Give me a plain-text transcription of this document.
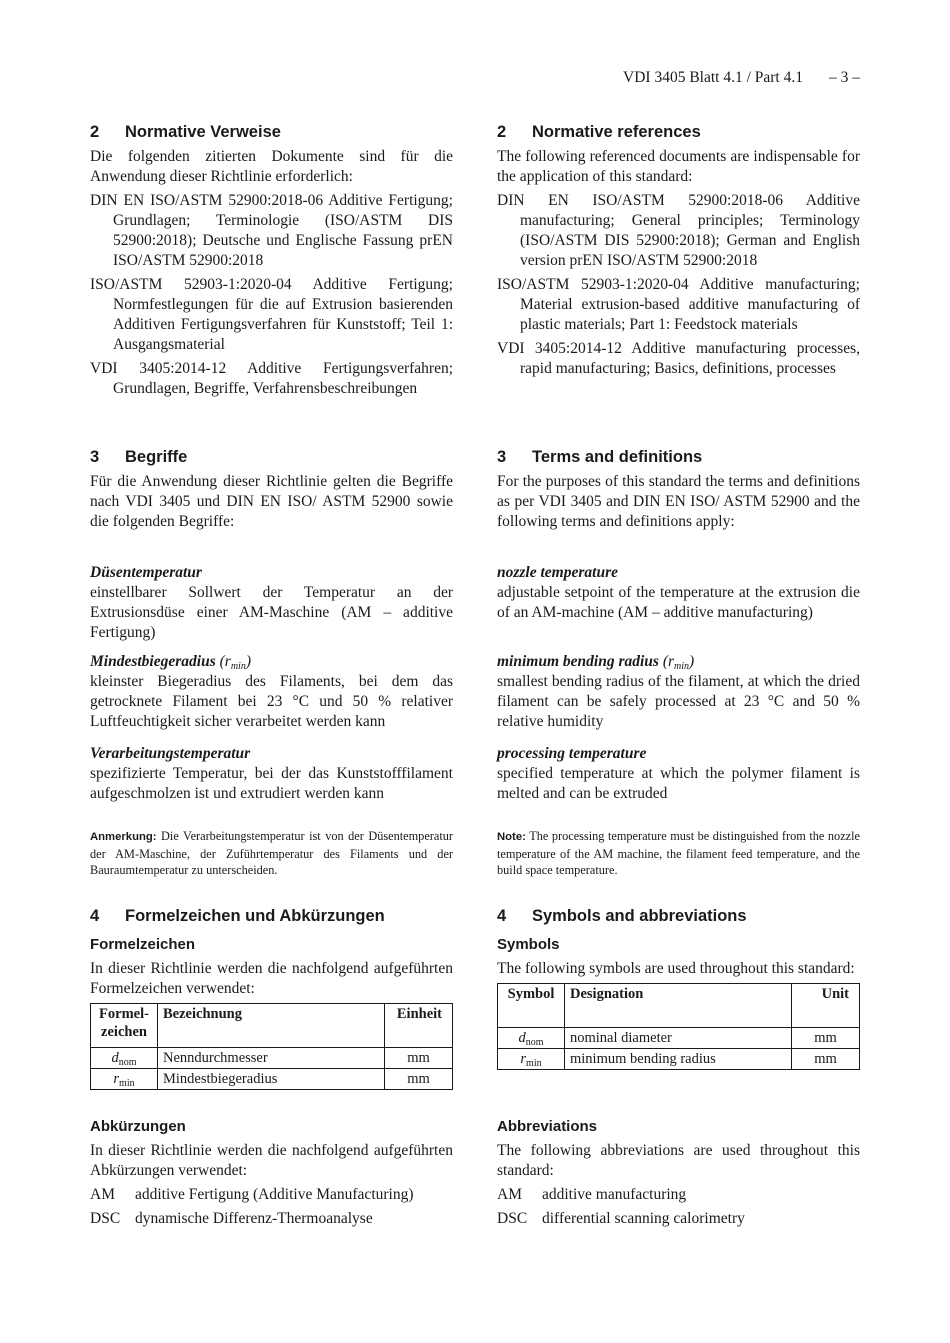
VDI 3405 Blatt 4.1 / Part 4.1 – 3 –
2 Normative Verweise

Die folgenden zitierten Dokumente sind für die Anwendung dieser Richtlinie erforderlich:

DIN EN ISO/ASTM 52900:2018-06 Additive Fertigung; Grundlagen; Terminologie (ISO/ASTM DIS 52900:2018); Deutsche und Englische Fassung prEN ISO/ASTM 52900:2018

ISO/ASTM 52903-1:2020-04 Additive Fertigung; Normfestlegungen für die auf Extrusion basierenden Additiven Fertigungsverfahren für Kunststoff; Teil 1: Ausgangsmaterial

VDI 3405:2014-12 Additive Fertigungsverfahren; Grundlagen, Begriffe, Verfahrensbeschreibungen

3 Begriffe

Für die Anwendung dieser Richtlinie gelten die Begriffe nach VDI 3405 und DIN EN ISO/ ASTM 52900 sowie die folgenden Begriffe:

Düsentemperatur

einstellbarer Sollwert der Temperatur an der Extrusionsdüse einer AM-Maschine (AM – additive Fertigung)

Mindestbiegeradius $(r_{min})$

kleinster Biegeradius des Filaments, bei dem das getrocknete Filament bei 23 °C und 50 % relativer Luftfeuchtigkeit sicher verarbeitet werden kann

Verarbeitungstemperatur

spezifizierte Temperatur, bei der das Kunststofffilament aufgeschmolzen ist und extrudiert werden kann

Anmerkung: Die Verarbeitungstemperatur ist von der Düsentemperatur der AM-Maschine, der Zuführtemperatur des Filaments und der Bauraumtemperatur zu unterscheiden.

4 Formelzeichen und Abkürzungen
Formelzeichen

In dieser Richtlinie werden die nachfolgend aufgeführten Formelzeichen verwendet:

Formel-zeichen	Bezeichnung	Einheit
$d_{nom}$	Nenndurchmesser	mm
$r_{min}$	Mindestbiegeradius	mm
Abkürzungen

In dieser Richtlinie werden die nachfolgend aufgeführten Abkürzungen verwendet:

AM	additive Fertigung (Additive Manufacturing)
DSC dynamische Differenz-Thermoanalyse
2 Normative references

The following referenced documents are indispensable for the application of this standard:

DIN EN ISO/ASTM 52900:2018-06 Additive manufacturing; General principles; Terminology (ISO/ASTM DIS 52900:2018); German and English version prEN ISO/ASTM 52900:2018

ISO/ASTM 52903-1:2020-04 Additive manufacturing; Material extrusion-based additive manufacturing of plastic materials; Part 1: Feedstock materials

VDI 3405:2014-12 Additive manufacturing processes, rapid manufacturing; Basics, definitions, processes

3 Terms and definitions

For the purposes of this standard the terms and definitions as per VDI 3405 and DIN EN ISO/ ASTM 52900 and the following terms and definitions apply:

nozzle temperature

adjustable setpoint of the temperature at the extrusion die of an AM-machine (AM – additive manufacturing)

minimum bending radius $(r_{min})$

smallest bending radius of the filament, at which the dried filament can be safely processed at 23 °C and 50 % relative humidity

processing temperature

specified temperature at which the polymer filament is melted and can be extruded

Note: The processing temperature must be distinguished from the nozzle temperature of the AM machine, the filament feed temperature, and the build space temperature.

4 Symbols and abbreviations
Symbols

The following symbols are used throughout this standard:

Symbol	Designation	Unit
$d_{nom}$	nominal diameter	mm
$r_{min}$	minimum bending radius	mm
Abbreviations

The following abbreviations are used throughout this standard:

AM	additive manufacturing
DSC differential scanning calorimetry
